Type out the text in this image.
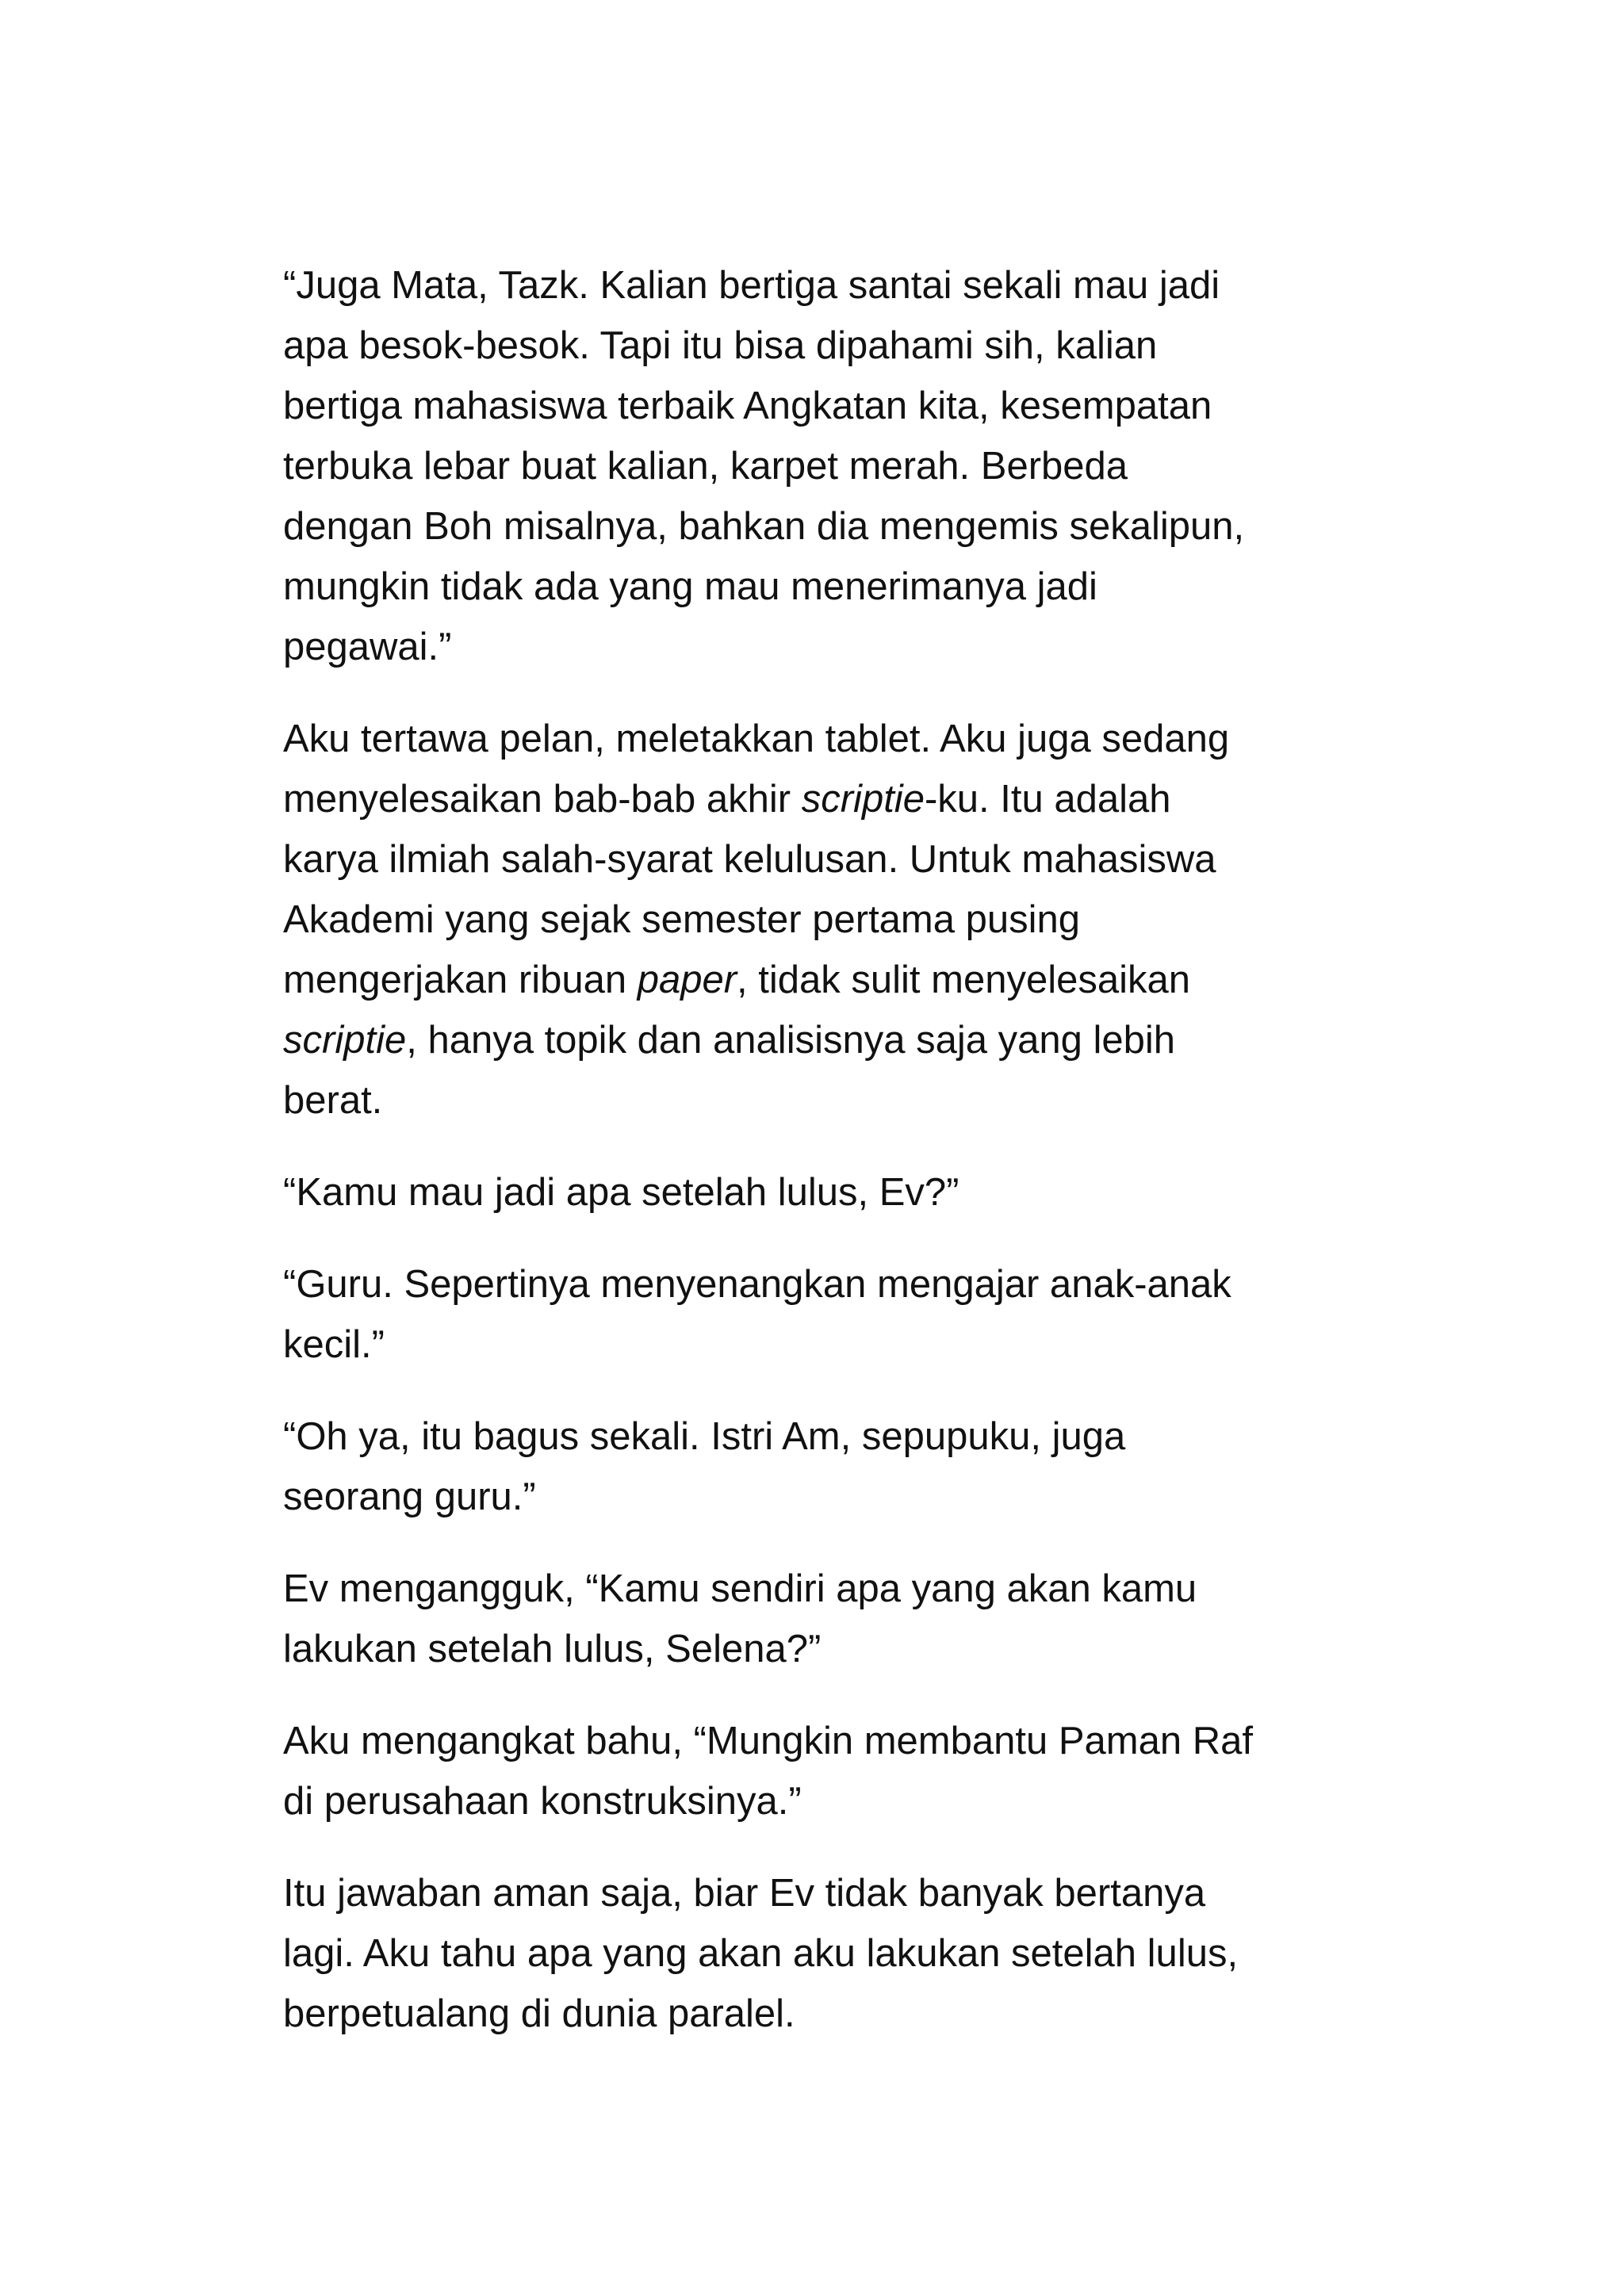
“Juga Mata, Tazk. Kalian bertiga santai sekali mau jadi
apa besok-besok. Tapi itu bisa dipahami sih, kalian
bertiga mahasiswa terbaik Angkatan kita, kesempatan
terbuka lebar buat kalian, karpet merah. Berbeda
dengan Boh misalnya, bahkan dia mengemis sekalipun,
mungkin tidak ada yang mau menerimanya jadi
pegawai.”

Aku tertawa pelan, meletakkan tablet. Aku juga sedang
menyelesaikan bab-bab akhir scriptie-ku. Itu adalah
karya ilmiah salah-syarat kelulusan. Untuk mahasiswa
Akademi yang sejak semester pertama pusing
mengerjakan ribuan paper, tidak sulit menyelesaikan
scriptie, hanya topik dan analisisnya saja yang lebih
berat.

“Kamu mau jadi apa setelah lulus, Ev?”

“Guru. Sepertinya menyenangkan mengajar anak-anak
kecil.”

“Oh ya, itu bagus sekali. Istri Am, sepupuku, juga
seorang guru.”

Ev mengangguk, “Kamu sendiri apa yang akan kamu
lakukan setelah lulus, Selena?”

Aku mengangkat bahu, “Mungkin membantu Paman Raf
di perusahaan konstruksinya.”

Itu jawaban aman saja, biar Ev tidak banyak bertanya
lagi. Aku tahu apa yang akan aku lakukan setelah lulus,
berpetualang di dunia paralel.
